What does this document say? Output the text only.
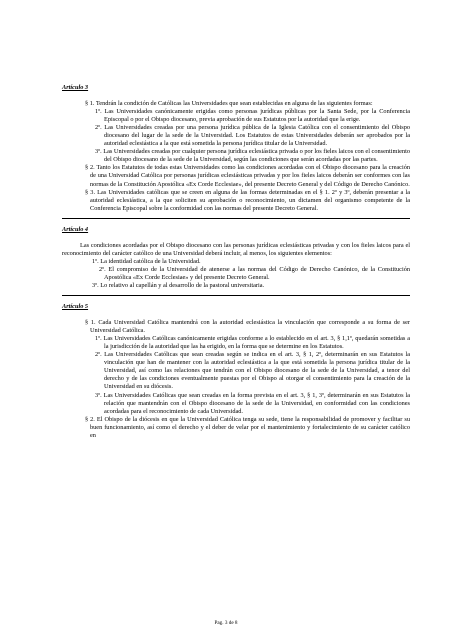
Artículo 3

§ 1. Tendrán la condición de Católicas las Universidades que sean establecidas en alguna de las siguientes formas:

1º. Las Universidades canónicamente erigidas como personas jurídicas públicas por la Santa Sede, por la Conferencia Episcopal o por el Obispo diocesano, previa aprobación de sus Estatutos por la autoridad que la erige.

2º. Las Universidades creadas por una persona jurídica pública de la Iglesia Católica con el consentimiento del Obispo diocesano del lugar de la sede de la Universidad. Los Estatutos de estas Universidades deberán ser aprobados por la autoridad eclesiástica a la que está sometida la persona jurídica titular de la Universidad.

3º. Las Universidades creadas por cualquier persona jurídica eclesiástica privada o por los fieles laicos con el consentimiento del Obispo diocesano de la sede de la Universidad, según las condiciones que serán acordadas por las partes.

§ 2. Tanto los Estatutos de todas estas Universidades como las condiciones acordadas con el Obispo diocesano para la creación de una Universidad Católica por personas jurídicas eclesiásticas privadas y por los fieles laicos deberán ser conformes con las normas de la Constitución Apostólica «Ex Corde Ecclesiae», del presente Decreto General y del Código de Derecho Canónico.

§ 3. Las Universidades católicas que se creen en alguna de las formas determinadas en el § 1. 2º y 3º, deberán presentar a la autoridad eclesiástica, a la que soliciten su aprobación o reconocimiento, un dictamen del organismo competente de la Conferencia Episcopal sobre la conformidad con las normas del presente Decreto General.

Artículo 4

Las condiciones acordadas por el Obispo diocesano con las personas jurídicas eclesiásticas privadas y con los fieles laicos para el reconocimiento del carácter católico de una Universidad deberá incluir, al menos, los siguientes elementos:

1º. La identidad católica de la Universidad.

2º. El compromiso de la Universidad de atenerse a las normas del Código de Derecho Canónico, de la Constitución Apostólica «Ex Corde Ecclesiae» y del presente Decreto General.

3º. Lo relativo al capellán y al desarrollo de la pastoral universitaria.

Artículo 5

§ 1. Cada Universidad Católica mantendrá con la autoridad eclesiástica la vinculación que corresponde a su forma de ser Universidad Católica.

1º. Las Universidades Católicas canónicamente erigidas conforme a lo establecido en el art. 3, § 1,1º, quedarán sometidas a la jurisdicción de la autoridad que las ha erigido, en la forma que se determine en los Estatutos.

2º. Las Universidades Católicas que sean creadas según se indica en el art. 3, § 1, 2º, determinarán en sus Estatutos la vinculación que han de mantener con la autoridad eclesiástica a la que está sometida la persona jurídica titular de la Universidad, así como las relaciones que tendrán con el Obispo diocesano de la sede de la Universidad, a tenor del derecho y de las condiciones eventualmente puestas por el Obispo al otorgar el consentimiento para la creación de la Universidad en su diócesis.

3º. Las Universidades Católicas que sean creadas en la forma prevista en el art. 3, § 1, 3º, determinarán en sus Estatutos la relación que mantendrán con el Obispo diocesano de la sede de la Universidad, en conformidad con las condiciones acordadas para el reconocimiento de cada Universidad.

§ 2. El Obispo de la diócesis en que la Universidad Católica tenga su sede, tiene la responsabilidad de promover y facilitar su buen funcionamiento, así como el derecho y el deber de velar por el mantenimiento y fortalecimiento de su carácter católico en

Pag. 3 de 8
